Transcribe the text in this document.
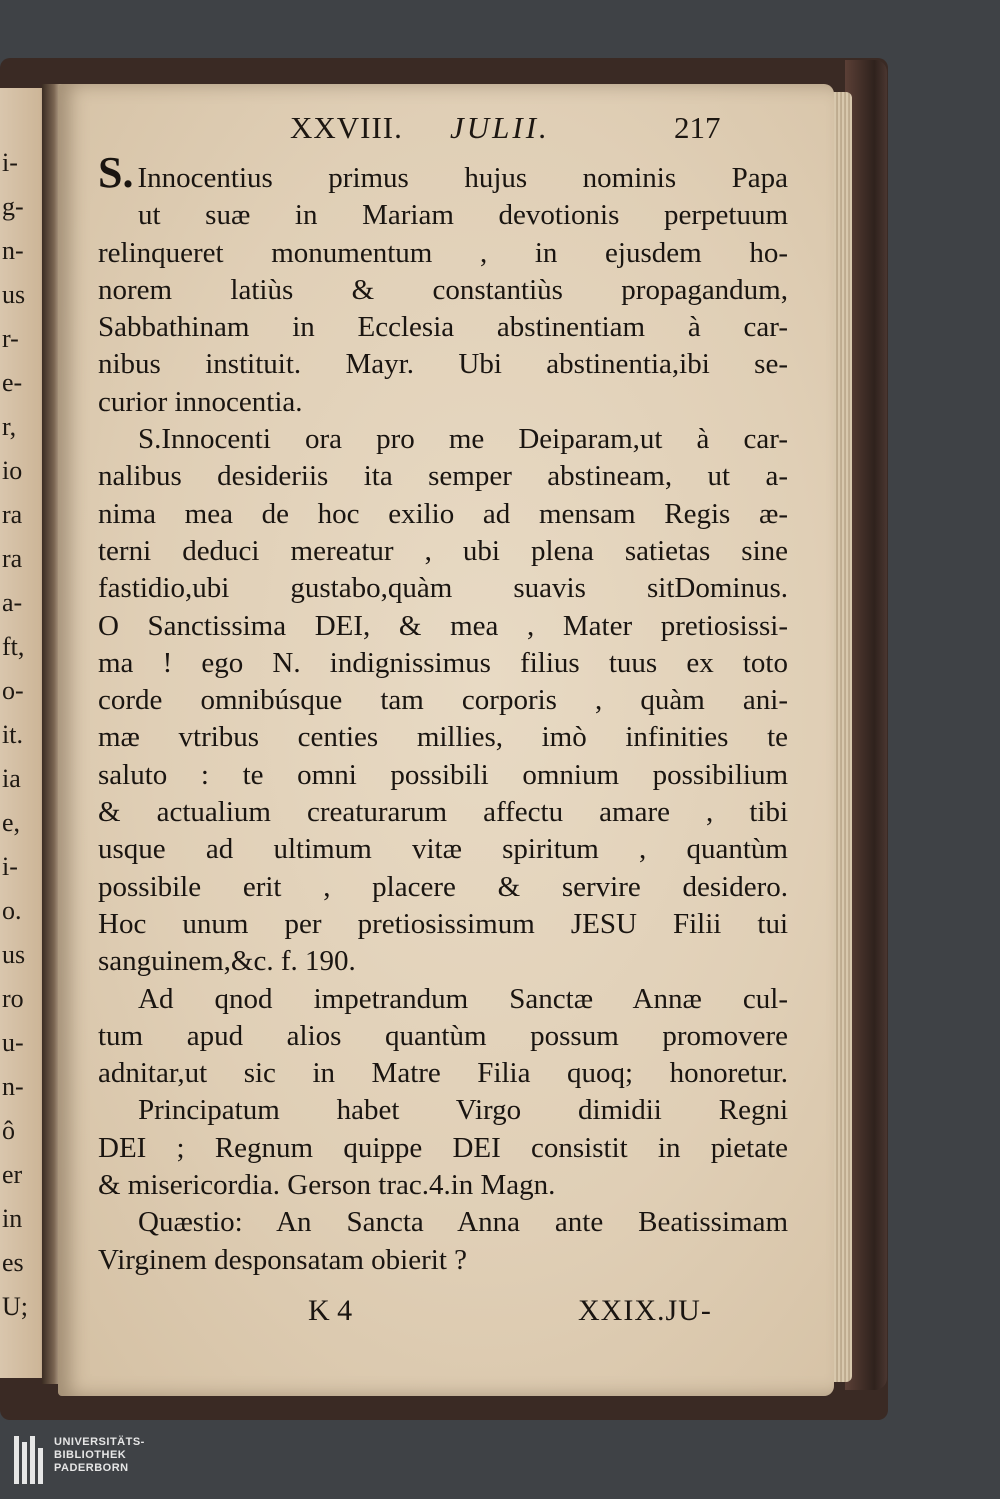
i-
g-
n-
us
r-
e-
r,
io
ra
ra
a-
ft,
o-
it.
ia
e,
i-
o.
us
ro
u-
n-
ô
er
in
es
U;
XXVIII. JULII.	217
S. Innocentius primus hujus nominis Papa
ut suæ in Mariam devotionis perpetuum
relinqueret monumentum , in ejusdem ho-
norem latiùs & constantiùs propagandum,
Sabbathinam in Ecclesia abstinentiam à car-
nibus instituit. Mayr. Ubi abstinentia,ibi se-
curior innocentia.
S.Innocenti ora pro me Deiparam,ut à car-
nalibus desideriis ita semper abstineam, ut a-
nima mea de hoc exilio ad mensam Regis æ-
terni deduci mereatur , ubi plena satietas sine
fastidio,ubi gustabo,quàm suavis sitDominus.
O Sanctissima DEI, & mea , Mater pretiosissi-
ma ! ego N. indignissimus filius tuus ex toto
corde omnibúsque tam corporis , quàm ani-
mæ vtribus centies millies, imò infinities te
saluto : te omni possibili omnium possibilium
& actualium creaturarum affectu amare , tibi
usque ad ultimum vitæ spiritum , quantùm
possibile erit , placere & servire desidero.
Hoc unum per pretiosissimum JESU Filii tui
sanguinem,&c. f. 190.
Ad qnod impetrandum Sanctæ Annæ cul-
tum apud alios quantùm possum promovere
adnitar,ut sic in Matre Filia quoq; honoretur.
Principatum habet Virgo dimidii Regni
DEI ; Regnum quippe DEI consistit in pietate
& misericordia. Gerson trac.4.in Magn.
Quæstio: An Sancta Anna ante Beatissimam
Virginem desponsatam obierit ?
K 4	XXIX.JU-
UNIVERSITÄTS-
BIBLIOTHEK
PADERBORN
